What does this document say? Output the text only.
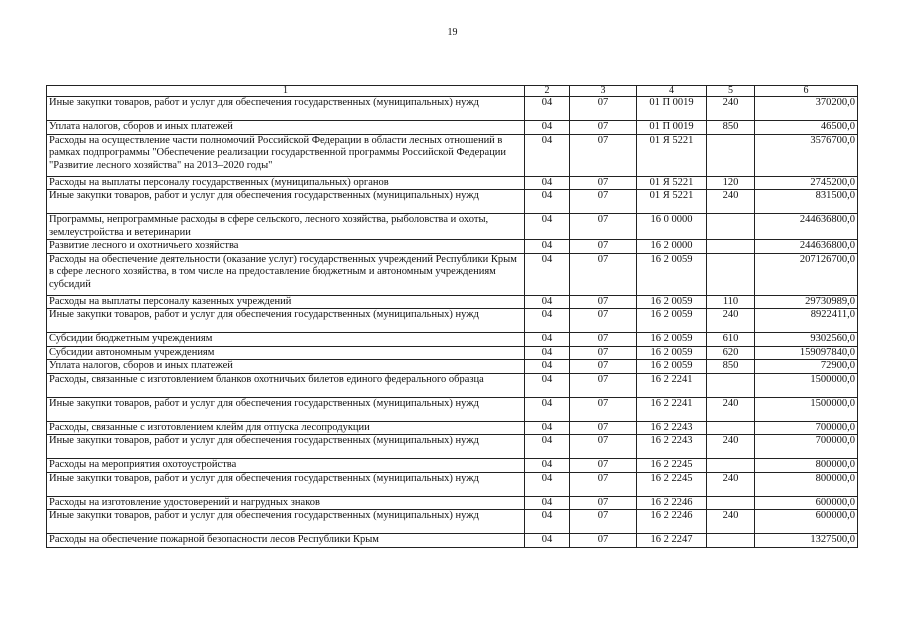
19
1	2	3	4	5	6
Иные закупки товаров, работ и услуг для обеспечения государственных (муниципальных) нужд	04	07	01 П 0019	240	370200,0
Уплата налогов, сборов и иных платежей	04	07	01 П 0019	850	46500,0
Расходы на осуществление части полномочий Российской Федерации в области лесных отношений в рамках подпрограммы "Обеспечение реализации государственной программы Российской Федерации "Развитие лесного хозяйства" на 2013–2020 годы"	04	07	01 Я 5221		3576700,0
Расходы на выплаты персоналу государственных (муниципальных) органов	04	07	01 Я 5221	120	2745200,0
Иные закупки товаров, работ и услуг для обеспечения государственных (муниципальных) нужд	04	07	01 Я 5221	240	831500,0
Программы, непрограммные расходы в сфере сельского, лесного хозяйства, рыболовства и охоты, землеустройства и ветеринарии	04	07	16 0 0000		244636800,0
Развитие лесного и охотничьего хозяйства	04	07	16 2 0000		244636800,0
Расходы на обеспечение деятельности (оказание услуг) государственных учреждений Республики Крым в сфере лесного хозяйства, в том числе на предоставление бюджетным и автономным учреждениям субсидий	04	07	16 2 0059		207126700,0
Расходы на выплаты персоналу казенных учреждений	04	07	16 2 0059	110	29730989,0
Иные закупки товаров, работ и услуг для обеспечения государственных (муниципальных) нужд	04	07	16 2 0059	240	8922411,0
Субсидии бюджетным учреждениям	04	07	16 2 0059	610	9302560,0
Субсидии автономным учреждениям	04	07	16 2 0059	620	159097840,0
Уплата налогов, сборов и иных платежей	04	07	16 2 0059	850	72900,0
Расходы, связанные с изготовлением бланков охотничьих билетов единого федерального образца	04	07	16 2 2241		1500000,0
Иные закупки товаров, работ и услуг для обеспечения государственных (муниципальных) нужд	04	07	16 2 2241	240	1500000,0
Расходы, связанные с изготовлением клейм для отпуска лесопродукции	04	07	16 2 2243		700000,0
Иные закупки товаров, работ и услуг для обеспечения государственных (муниципальных) нужд	04	07	16 2 2243	240	700000,0
Расходы на мероприятия охотоустройства	04	07	16 2 2245		800000,0
Иные закупки товаров, работ и услуг для обеспечения государственных (муниципальных) нужд	04	07	16 2 2245	240	800000,0
Расходы на изготовление удостоверений и нагрудных знаков	04	07	16 2 2246		600000,0
Иные закупки товаров, работ и услуг для обеспечения государственных (муниципальных) нужд	04	07	16 2 2246	240	600000,0
Расходы на обеспечение пожарной безопасности лесов Республики Крым	04	07	16 2 2247		1327500,0
